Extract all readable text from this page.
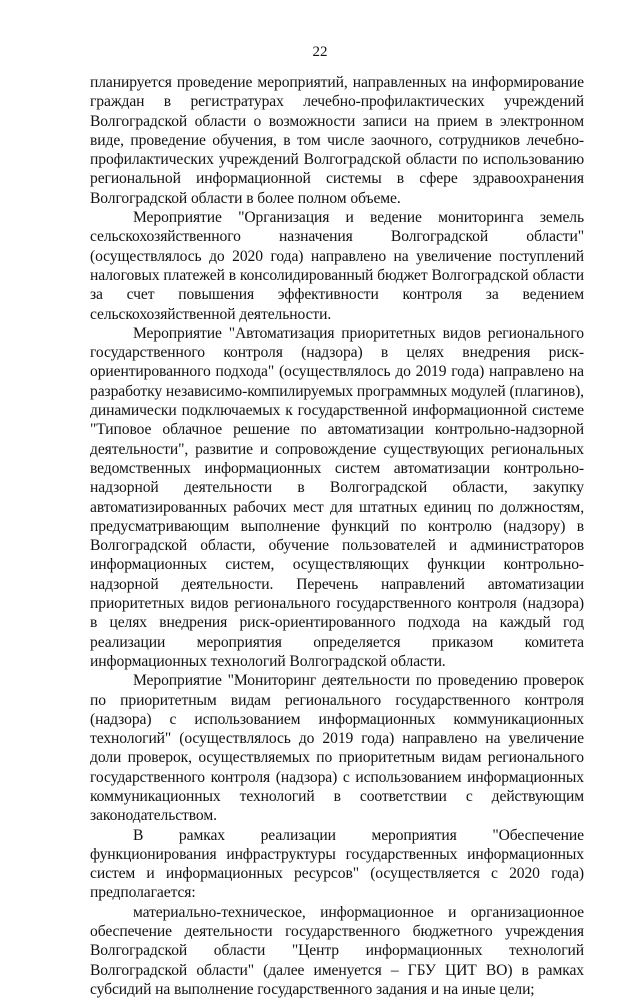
22

планируется проведение мероприятий, направленных на информирование граждан в регистратурах лечебно-профилактических учреждений Волгоградской области о возможности записи на прием в электронном виде, проведение обучения, в том числе заочного, сотрудников лечебно-профилактических учреждений Волгоградской области по использованию региональной информационной системы в сфере здравоохранения Волгоградской области в более полном объеме.

Мероприятие "Организация и ведение мониторинга земель сельскохозяйственного назначения Волгоградской области" (осуществлялось до 2020 года) направлено на увеличение поступлений налоговых платежей в консолидированный бюджет Волгоградской области за счет повышения эффективности контроля за ведением сельскохозяйственной деятельности.

Мероприятие "Автоматизация приоритетных видов регионального государственного контроля (надзора) в целях внедрения риск-ориентированного подхода" (осуществлялось до 2019 года) направлено на разработку независимо-компилируемых программных модулей (плагинов), динамически подключаемых к государственной информационной системе "Типовое облачное решение по автоматизации контрольно-надзорной деятельности", развитие и сопровождение существующих региональных ведомственных информационных систем автоматизации контрольно-надзорной деятельности в Волгоградской области, закупку автоматизированных рабочих мест для штатных единиц по должностям, предусматривающим выполнение функций по контролю (надзору) в Волгоградской области, обучение пользователей и администраторов информационных систем, осуществляющих функции контрольно-надзорной деятельности. Перечень направлений автоматизации приоритетных видов регионального государственного контроля (надзора) в целях внедрения риск-ориентированного подхода на каждый год реализации мероприятия определяется приказом комитета информационных технологий Волгоградской области.

Мероприятие "Мониторинг деятельности по проведению проверок по приоритетным видам регионального государственного контроля (надзора) с использованием информационных коммуникационных технологий" (осуществлялось до 2019 года) направлено на увеличение доли проверок, осуществляемых по приоритетным видам регионального государственного контроля (надзора) с использованием информационных коммуникационных технологий в соответствии с действующим законодательством.

В рамках реализации мероприятия "Обеспечение функционирования инфраструктуры государственных информационных систем и информационных ресурсов" (осуществляется с 2020 года) предполагается:

материально-техническое, информационное и организационное обеспечение деятельности государственного бюджетного учреждения Волгоградской области "Центр информационных технологий Волгоградской области" (далее именуется – ГБУ ЦИТ ВО) в рамках субсидий на выполнение государственного задания и на иные цели;
